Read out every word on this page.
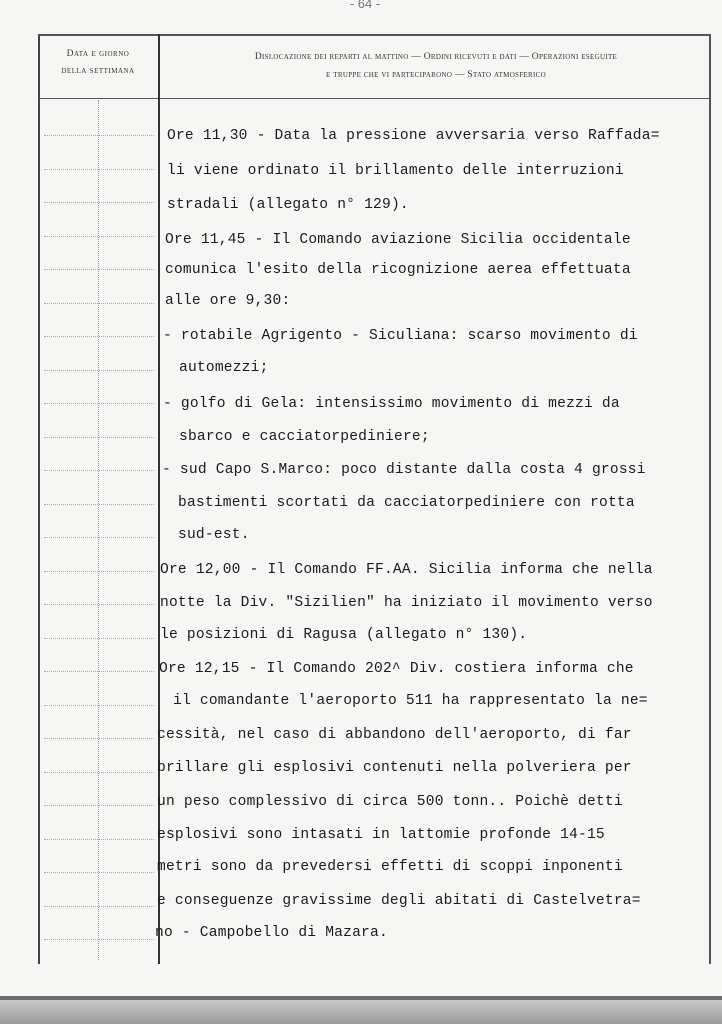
- 64 -
Data e giorno
della settimana
Dislocazione dei reparti al mattino — Ordini ricevuti e dati — Operazioni eseguite
e truppe che vi parteciparono — Stato atmosferico
Ore 11,30 - Data la pressione avversaria verso Raffada=
li viene ordinato il brillamento delle interruzioni
stradali (allegato n° 129).
Ore 11,45 - Il Comando aviazione Sicilia occidentale
comunica l'esito della ricognizione aerea effettuata
alle ore 9,30:
- rotabile Agrigento - Siculiana: scarso movimento di
automezzi;
- golfo di Gela: intensissimo movimento di mezzi da
sbarco e cacciatorpediniere;
- sud Capo S.Marco: poco distante dalla costa 4 grossi
bastimenti scortati da cacciatorpediniere con rotta
sud-est.
Ore 12,00 - Il Comando FF.AA. Sicilia informa che nella
notte la Div. "Sizilien" ha iniziato il movimento verso
le posizioni di Ragusa (allegato n° 130).
Ore 12,15 - Il Comando 202^ Div. costiera informa che
il comandante l'aeroporto 511 ha rappresentato la ne=
cessità, nel caso di abbandono dell'aeroporto, di far
brillare gli esplosivi contenuti nella polveriera per
un peso complessivo di circa 500 tonn.. Poichè detti
esplosivi sono intasati in lattomie profonde 14-15
metri sono da prevedersi effetti di scoppi inponenti
e conseguenze gravissime degli abitati di Castelvetra=
no - Campobello di Mazara.
